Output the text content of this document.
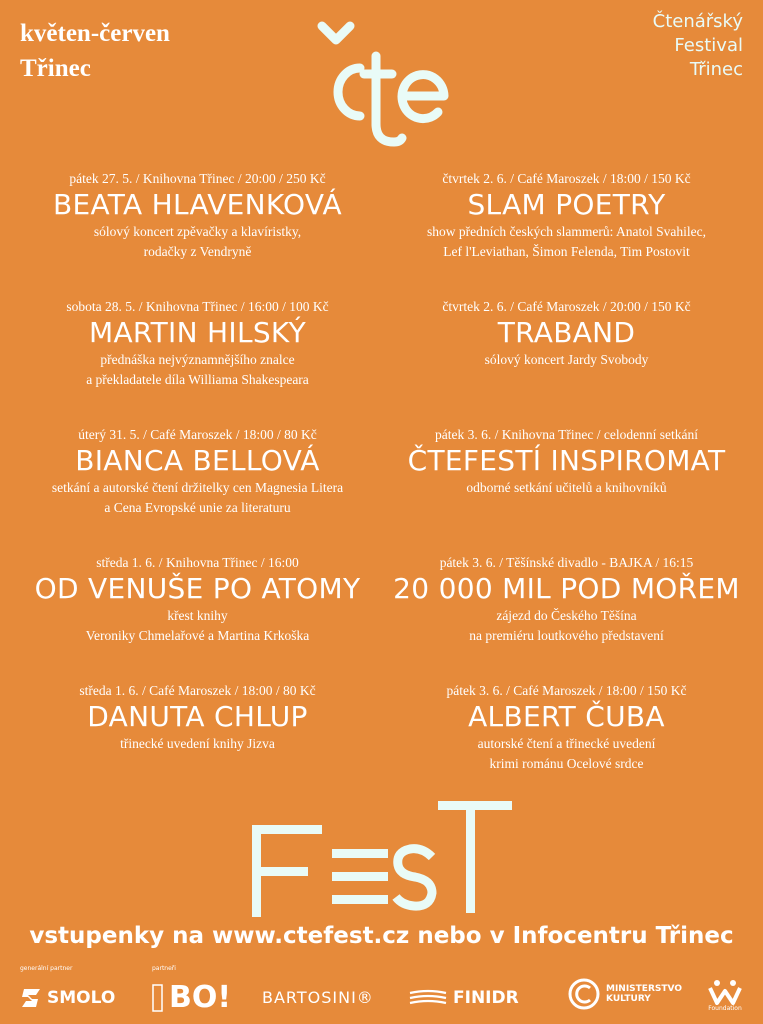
květen-červen
Třinec
Čtenářský
Festival
Třinec
pátek 27. 5. / Knihovna Třinec / 20:00 / 250 Kč
BEATA HLAVENKOVÁ
sólový koncert zpěvačky a klavíristky,
rodačky z Vendryně
čtvrtek 2. 6. / Café Maroszek / 18:00 / 150 Kč
SLAM POETRY
show předních českých slammerů: Anatol Svahilec,
Lef l'Leviathan, Šimon Felenda, Tim Postovit
sobota 28. 5. / Knihovna Třinec / 16:00 / 100 Kč
MARTIN HILSKÝ
přednáška nejvýznamnějšího znalce
a překladatele díla Williama Shakespeara
čtvrtek 2. 6. / Café Maroszek / 20:00 / 150 Kč
TRABAND
sólový koncert Jardy Svobody
úterý 31. 5. / Café Maroszek / 18:00 / 80 Kč
BIANCA BELLOVÁ
setkání a autorské čtení držitelky cen Magnesia Litera
a Cena Evropské unie za literaturu
pátek 3. 6. / Knihovna Třinec / celodenní setkání
ČTEFESTÍ INSPIROMAT
odborné setkání učitelů a knihovníků
středa 1. 6. / Knihovna Třinec / 16:00
OD VENUŠE PO ATOMY
křest knihy
Veroniky Chmelařové a Martina Krkoška
pátek 3. 6. / Těšínské divadlo - BAJKA / 16:15
20 000 MIL POD MOŘEM
zájezd do Českého Těšína
na premiéru loutkového představení
středa 1. 6. / Café Maroszek / 18:00 / 80 Kč
DANUTA CHLUP
třinecké uvedení knihy Jizva
pátek 3. 6. / Café Maroszek / 18:00 / 150 Kč
ALBERT ČUBA
autorské čtení a třinecké uvedení
krimi románu Ocelové srdce
vstupenky na www.ctefest.cz nebo v Infocentru Třinec
generální partner
SMOLO
partneři
BO! BARTOSINI®	FINIDR	MINISTERSTVO
KULTURY
Foundation
